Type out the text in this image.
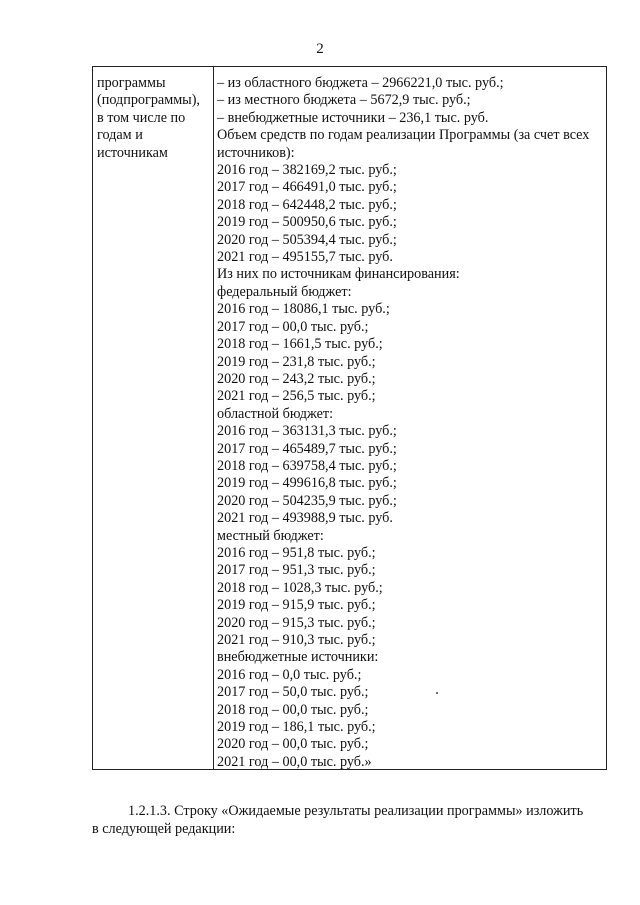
2
программы
(подпрограммы),
в том числе по
годам и
источникам
– из областного бюджета – 2966221,0 тыс. руб.;
– из местного бюджета – 5672,9 тыс. руб.;
– внебюджетные источники – 236,1 тыс. руб.
Объем средств по годам реализации Программы (за счет всех источников):
2016 год – 382169,2 тыс. руб.;
2017 год – 466491,0 тыс. руб.;
2018 год – 642448,2 тыс. руб.;
2019 год – 500950,6 тыс. руб.;
2020 год – 505394,4 тыс. руб.;
2021 год – 495155,7 тыс. руб.
Из них по источникам финансирования:
федеральный бюджет:
2016 год – 18086,1 тыс. руб.;
2017 год – 00,0 тыс. руб.;
2018 год – 1661,5 тыс. руб.;
2019 год – 231,8 тыс. руб.;
2020 год – 243,2 тыс. руб.;
2021 год – 256,5 тыс. руб.;
областной бюджет:
2016 год – 363131,3 тыс. руб.;
2017 год – 465489,7 тыс. руб.;
2018 год – 639758,4 тыс. руб.;
2019 год – 499616,8 тыс. руб.;
2020 год – 504235,9 тыс. руб.;
2021 год – 493988,9 тыс. руб.
местный бюджет:
2016 год – 951,8 тыс. руб.;
2017 год – 951,3 тыс. руб.;
2018 год – 1028,3 тыс. руб.;
2019 год – 915,9 тыс. руб.;
2020 год – 915,3 тыс. руб.;
2021 год – 910,3 тыс. руб.;
внебюджетные источники:
2016 год – 0,0 тыс. руб.;
2017 год – 50,0 тыс. руб.;
2018 год – 00,0 тыс. руб.;
2019 год – 186,1 тыс. руб.;
2020 год – 00,0 тыс. руб.;
2021 год – 00,0 тыс. руб.»
1.2.1.3. Строку «Ожидаемые результаты реализации программы» изложить
в следующей редакции:
